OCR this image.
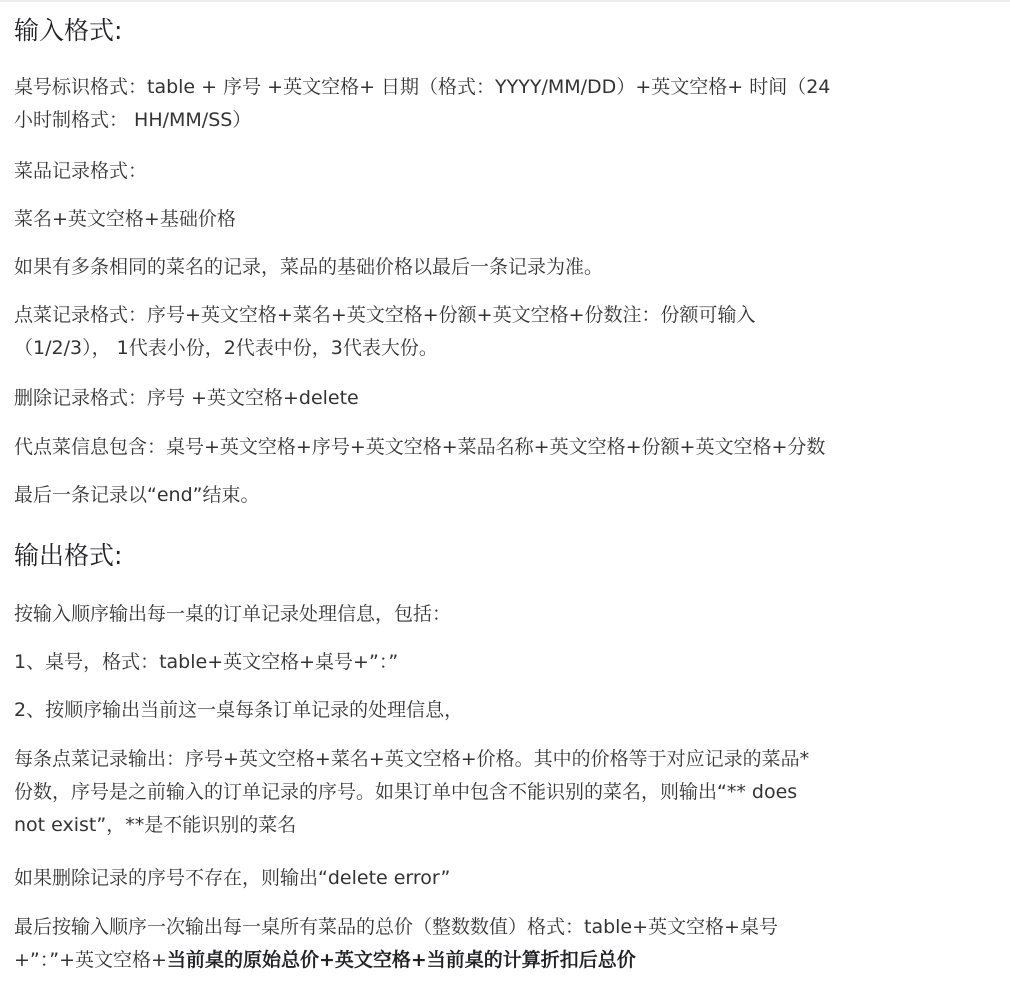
输入格式:

桌号标识格式：table + 序号 +英文空格+ 日期（格式：YYYY/MM/DD）+英文空格+ 时间（24
小时制格式： HH/MM/SS）

菜品记录格式：

菜名+英文空格+基础价格

如果有多条相同的菜名的记录，菜品的基础价格以最后一条记录为准。

点菜记录格式：序号+英文空格+菜名+英文空格+份额+英文空格+份数注：份额可输入
（1/2/3）， 1代表小份，2代表中份，3代表大份。

删除记录格式：序号 +英文空格+delete

代点菜信息包含：桌号+英文空格+序号+英文空格+菜品名称+英文空格+份额+英文空格+分数

最后一条记录以“end”结束。

输出格式:

按输入顺序输出每一桌的订单记录处理信息，包括：

1、桌号，格式：table+英文空格+桌号+”：”

2、按顺序输出当前这一桌每条订单记录的处理信息，

每条点菜记录输出：序号+英文空格+菜名+英文空格+价格。其中的价格等于对应记录的菜品*
份数，序号是之前输入的订单记录的序号。如果订单中包含不能识别的菜名，则输出“** does
not exist”，**是不能识别的菜名

如果删除记录的序号不存在，则输出“delete error”

最后按输入顺序一次输出每一桌所有菜品的总价（整数数值）格式：table+英文空格+桌号
+”：”+英文空格+当前桌的原始总价+英文空格+当前桌的计算折扣后总价
